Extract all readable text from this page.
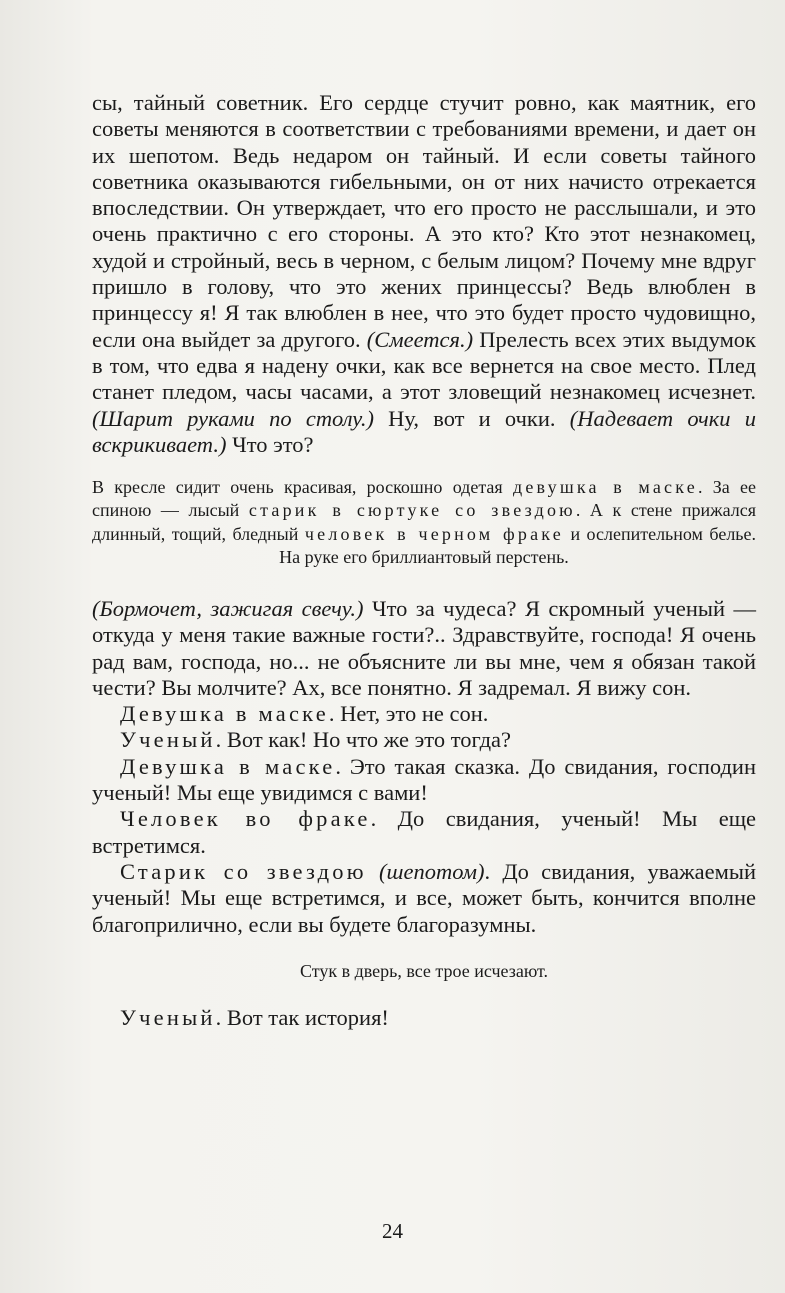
сы, тайный советник. Его сердце стучит ровно, как маятник, его советы меняются в соответствии с требованиями времени, и дает он их шепотом. Ведь недаром он тайный. И если советы тайного советника оказываются гибельными, он от них начисто отрекается впоследствии. Он утверждает, что его просто не расслышали, и это очень практично с его стороны. А это кто? Кто этот незнакомец, худой и стройный, весь в черном, с белым лицом? Почему мне вдруг пришло в голову, что это жених принцессы? Ведь влюблен в принцессу я! Я так влюблен в нее, что это будет просто чудовищно, если она выйдет за другого. (Смеется.) Прелесть всех этих выдумок в том, что едва я надену очки, как все вернется на свое место. Плед станет пледом, часы часами, а этот зловещий незнакомец исчезнет. (Шарит руками по столу.) Ну, вот и очки. (Надевает очки и вскрикивает.) Что это?

В кресле сидит очень красивая, роскошно одетая девушка в маске. За ее спиною — лысый старик в сюртуке со звездою. А к стене прижался длинный, тощий, бледный человек в черном фраке и ослепительном белье. На руке его бриллиантовый перстень.

(Бормочет, зажигая свечу.) Что за чудеса? Я скромный ученый — откуда у меня такие важные гости?.. Здравствуйте, господа! Я очень рад вам, господа, но... не объясните ли вы мне, чем я обязан такой чести? Вы молчите? Ах, все понятно. Я задремал. Я вижу сон.

Девушка в маске. Нет, это не сон.

Ученый. Вот как! Но что же это тогда?

Девушка в маске. Это такая сказка. До свидания, господин ученый! Мы еще увидимся с вами!

Человек во фраке. До свидания, ученый! Мы еще встретимся.

Старик со звездою (шепотом). До свидания, уважаемый ученый! Мы еще встретимся, и все, может быть, кончится вполне благоприлично, если вы будете благоразумны.

Стук в дверь, все трое исчезают.

Ученый. Вот так история!

24
